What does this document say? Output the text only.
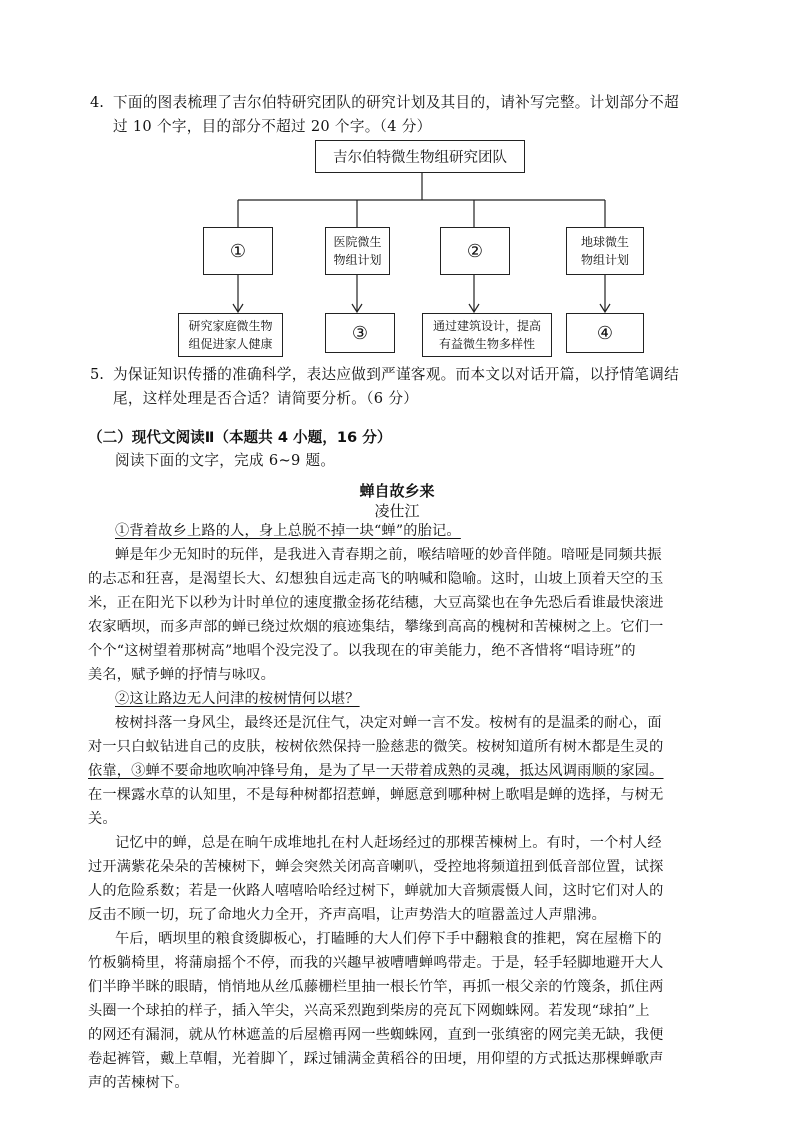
4. 下面的图表梳理了吉尔伯特研究团队的研究计划及其目的，请补写完整。计划部分不超
过 10 个字，目的部分不超过 20 个字。（4 分）
吉尔伯特微生物组研究团队
①	医院微生
物组计划	②	地球微生
物组计划
研究家庭微生物
组促进家人健康
③	通过建筑设计，提高
有益微生物多样性
④
5. 为保证知识传播的准确科学，表达应做到严谨客观。而本文以对话开篇，以抒情笔调结
尾，这样处理是否合适？请简要分析。（6 分）
（二）现代文阅读Ⅱ（本题共 4 小题，16 分）
阅读下面的文字，完成 6~9 题。
蝉自故乡来
凌仕江
①背着故乡上路的人，身上总脱不掉一块“蝉”的胎记。
蝉是年少无知时的玩伴，是我进入青春期之前，喉结喑哑的妙音伴随。喑哑是同频共振
的忐忑和狂喜，是渴望长大、幻想独自远走高飞的呐喊和隐喻。这时，山坡上顶着天空的玉
米，正在阳光下以秒为计时单位的速度撒金扬花结穗，大豆高粱也在争先恐后看谁最快滚进
农家晒坝，而多声部的蝉已绕过炊烟的痕迹集结，攀缘到高高的槐树和苦楝树之上。它们一
个个“这树望着那树高”地唱个没完没了。以我现在的审美能力，绝不吝惜将“唱诗班”的
美名，赋予蝉的抒情与咏叹。
②这让路边无人问津的桉树情何以堪？
桉树抖落一身风尘，最终还是沉住气，决定对蝉一言不发。桉树有的是温柔的耐心，面
对一只白蚁钻进自己的皮肤，桉树依然保持一脸慈悲的微笑。桉树知道所有树木都是生灵的
依靠，③蝉不要命地吹响冲锋号角，是为了早一天带着成熟的灵魂，抵达风调雨顺的家园。
在一棵露水草的认知里，不是每种树都招惹蝉，蝉愿意到哪种树上歌唱是蝉的选择，与树无
关。
记忆中的蝉，总是在晌午成堆地扎在村人赶场经过的那棵苦楝树上。有时，一个村人经
过开满紫花朵朵的苦楝树下，蝉会突然关闭高音喇叭，受控地将频道扭到低音部位置，试探
人的危险系数；若是一伙路人嘻嘻哈哈经过树下，蝉就加大音频震慑人间，这时它们对人的
反击不顾一切，玩了命地火力全开，齐声高唱，让声势浩大的喧嚣盖过人声鼎沸。
午后，晒坝里的粮食烫脚板心，打瞌睡的大人们停下手中翻粮食的推耙，窝在屋檐下的
竹板躺椅里，将蒲扇摇个不停，而我的兴趣早被嘈嘈蝉鸣带走。于是，轻手轻脚地避开大人
们半睁半眯的眼睛，悄悄地从丝瓜藤栅栏里抽一根长竹竿，再抓一根父亲的竹篾条，抓住两
头圈一个球拍的样子，插入竿尖，兴高采烈跑到柴房的亮瓦下网蜘蛛网。若发现“球拍”上
的网还有漏洞，就从竹林遮盖的后屋檐再网一些蜘蛛网，直到一张缜密的网完美无缺，我便
卷起裤管，戴上草帽，光着脚丫，踩过铺满金黄稻谷的田埂，用仰望的方式抵达那棵蝉歌声
声的苦楝树下。
